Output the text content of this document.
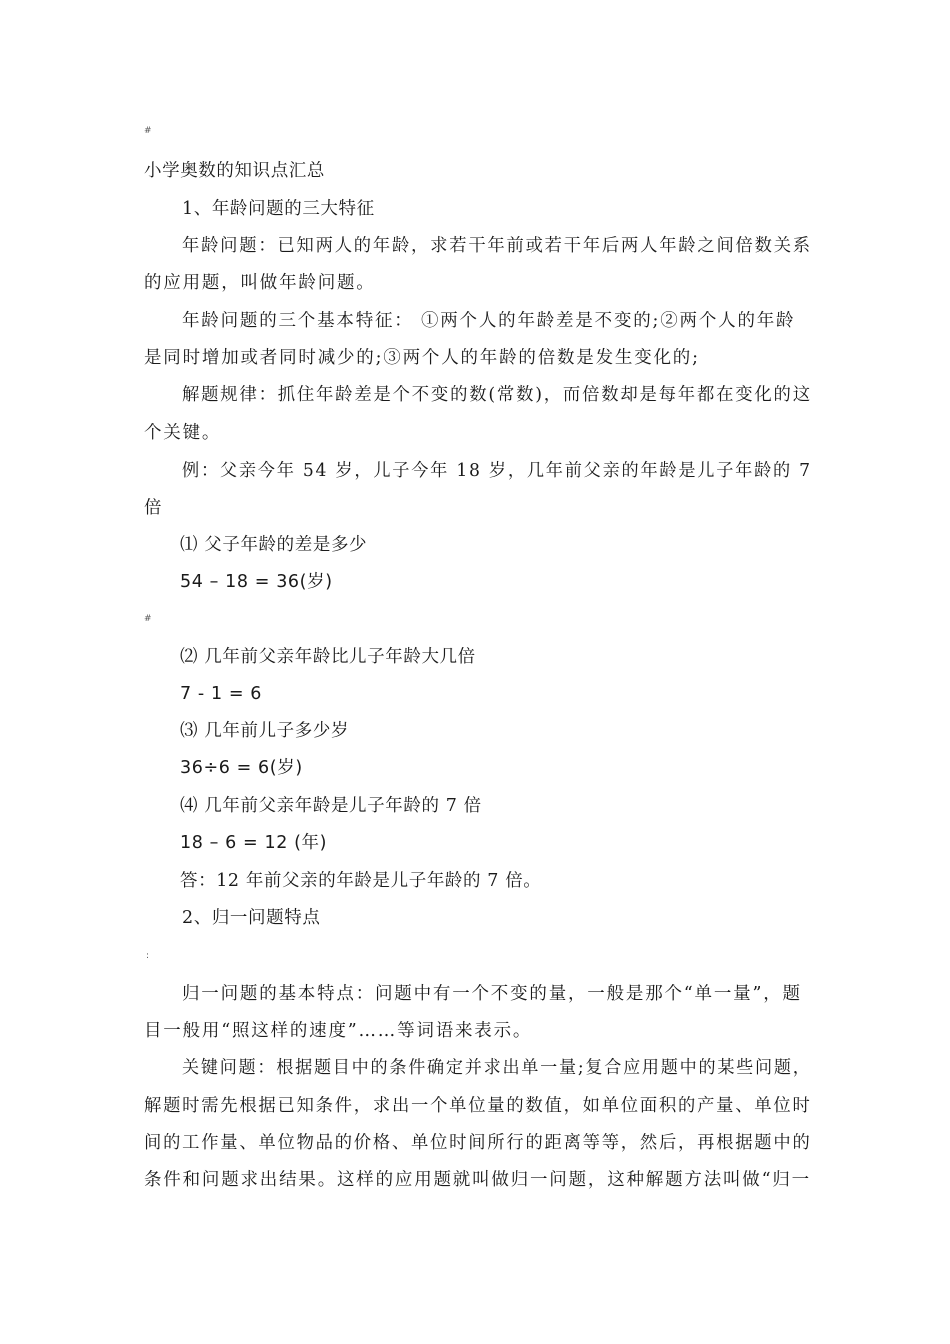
#
小学奥数的知识点汇总
1、年龄问题的三大特征
年龄问题：已知两人的年龄，求若干年前或若干年后两人年龄之间倍数关系
的应用题，叫做年龄问题。
年龄问题的三个基本特征： ①两个人的年龄差是不变的;②两个人的年龄
是同时增加或者同时减少的;③两个人的年龄的倍数是发生变化的;
解题规律：抓住年龄差是个不变的数(常数)，而倍数却是每年都在变化的这
个关键。
例：父亲今年 54 岁，儿子今年 18 岁，几年前父亲的年龄是儿子年龄的 7
倍
⑴ 父子年龄的差是多少
54 – 18 = 36(岁)
#
⑵ 几年前父亲年龄比儿子年龄大几倍
7 - 1 = 6
⑶ 几年前儿子多少岁
36÷6 = 6(岁)
⑷ 几年前父亲年龄是儿子年龄的 7 倍
18 – 6 = 12 (年)
答：12 年前父亲的年龄是儿子年龄的 7 倍。
2、归一问题特点
:
归一问题的基本特点：问题中有一个不变的量，一般是那个“单一量”，题
目一般用“照这样的速度”……等词语来表示。
关键问题：根据题目中的条件确定并求出单一量;复合应用题中的某些问题，
解题时需先根据已知条件，求出一个单位量的数值，如单位面积的产量、单位时
间的工作量、单位物品的价格、单位时间所行的距离等等，然后，再根据题中的
条件和问题求出结果。这样的应用题就叫做归一问题，这种解题方法叫做“归一
